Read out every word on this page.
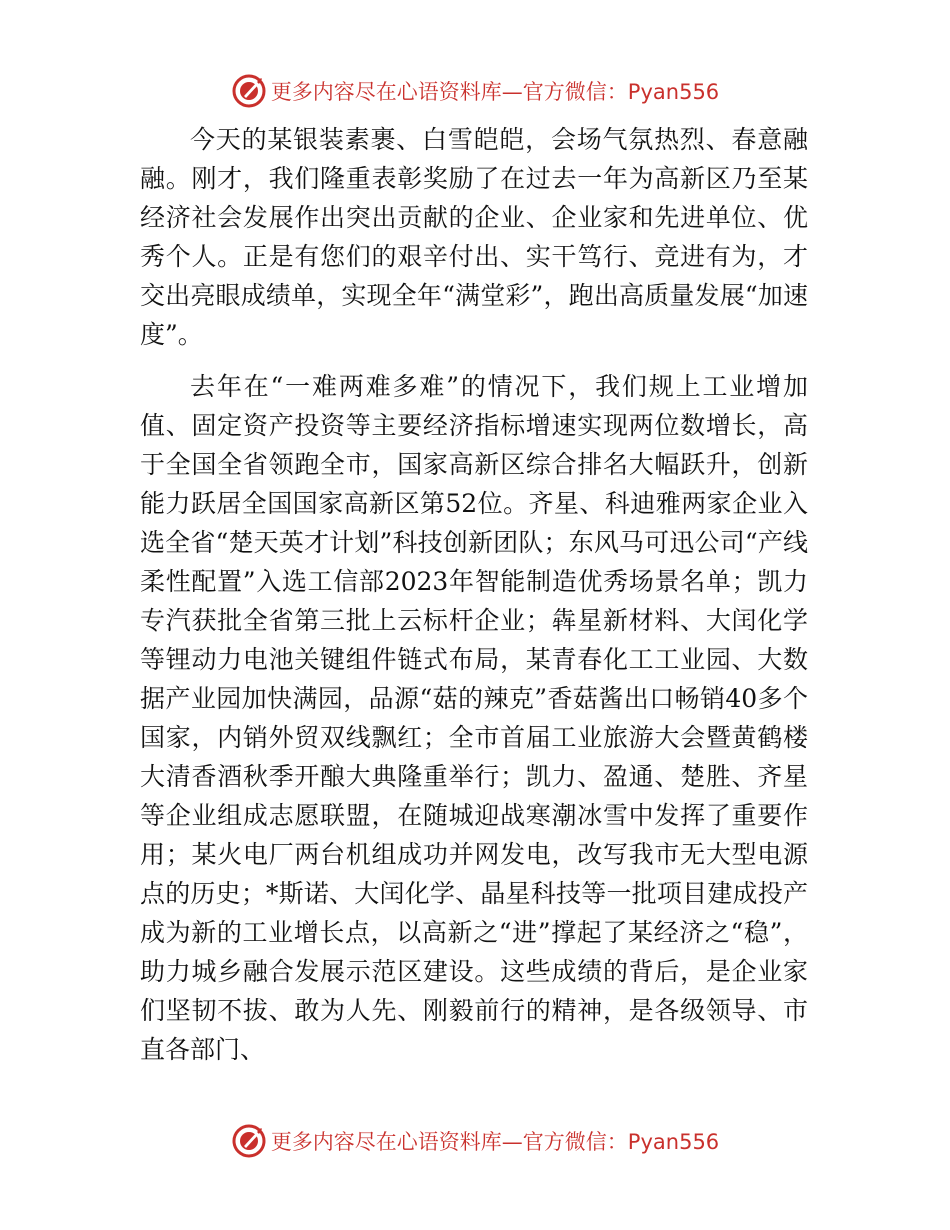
更多内容尽在心语资料库—官方微信：Pyan556

今天的某银装素裹、白雪皑皑，会场气氛热烈、春意融融。刚才，我们隆重表彰奖励了在过去一年为高新区乃至某经济社会发展作出突出贡献的企业、企业家和先进单位、优秀个人。正是有您们的艰辛付出、实干笃行、竞进有为，才交出亮眼成绩单，实现全年“满堂彩”，跑出高质量发展“加速度”。

去年在“一难两难多难”的情况下，我们规上工业增加值、固定资产投资等主要经济指标增速实现两位数增长，高于全国全省领跑全市，国家高新区综合排名大幅跃升，创新能力跃居全国国家高新区第52位。齐星、科迪雅两家企业入选全省“楚天英才计划”科技创新团队；东风马可迅公司“产线柔性配置”入选工信部2023年智能制造优秀场景名单；凯力专汽获批全省第三批上云标杆企业；犇星新材料、大闰化学等锂动力电池关键组件链式布局，某青春化工工业园、大数据产业园加快满园，品源“菇的辣克”香菇酱出口畅销40多个国家，内销外贸双线飘红；全市首届工业旅游大会暨黄鹤楼大清香酒秋季开酿大典隆重举行；凯力、盈通、楚胜、齐星等企业组成志愿联盟，在随城迎战寒潮冰雪中发挥了重要作用；某火电厂两台机组成功并网发电，改写我市无大型电源点的历史；*斯诺、大闰化学、晶星科技等一批项目建成投产成为新的工业增长点，以高新之“进”撑起了某经济之“稳”，助力城乡融合发展示范区建设。这些成绩的背后，是企业家们坚韧不拔、敢为人先、刚毅前行的精神，是各级领导、市直各部门、

更多内容尽在心语资料库—官方微信：Pyan556
